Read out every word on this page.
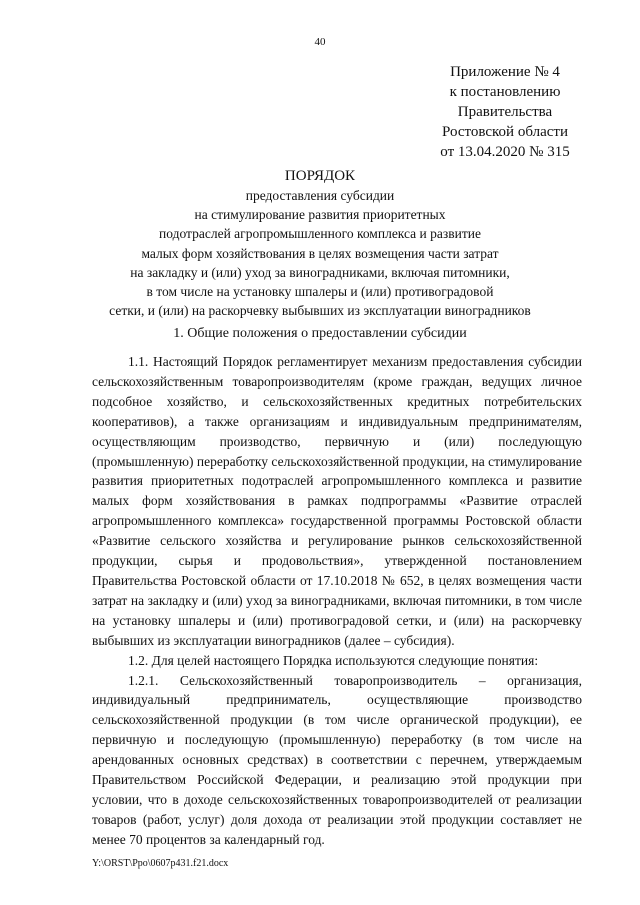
40
Приложение № 4
к постановлению
Правительства
Ростовской области
от 13.04.2020 № 315
ПОРЯДОК
предоставления субсидии
на стимулирование развития приоритетных
подотраслей агропромышленного комплекса и развитие
малых форм хозяйствования в целях возмещения части затрат
на закладку и (или) уход за виноградниками, включая питомники,
в том числе на установку шпалеры и (или) противоградовой
сетки, и (или) на раскорчевку выбывших из эксплуатации виноградников
1. Общие положения о предоставлении субсидии

1.1. Настоящий Порядок регламентирует механизм предоставления субсидии сельскохозяйственным товаропроизводителям (кроме граждан, ведущих личное подсобное хозяйство, и сельскохозяйственных кредитных потребительских кооперативов), а также организациям и индивидуальным предпринимателям, осуществляющим производство, первичную и (или) последующую (промышленную) переработку сельскохозяйственной продукции, на стимулирование развития приоритетных подотраслей агропромышленного комплекса и развитие малых форм хозяйствования в рамках подпрограммы «Развитие отраслей агропромышленного комплекса» государственной программы Ростовской области «Развитие сельского хозяйства и регулирование рынков сельскохозяйственной продукции, сырья и продовольствия», утвержденной постановлением Правительства Ростовской области от 17.10.2018 № 652, в целях возмещения части затрат на закладку и (или) уход за виноградниками, включая питомники, в том числе на установку шпалеры и (или) противоградовой сетки, и (или) на раскорчевку выбывших из эксплуатации виноградников (далее – субсидия).

1.2. Для целей настоящего Порядка используются следующие понятия:

1.2.1. Сельскохозяйственный товаропроизводитель – организация, индивидуальный предприниматель, осуществляющие производство сельскохозяйственной продукции (в том числе органической продукции), ее первичную и последующую (промышленную) переработку (в том числе на арендованных основных средствах) в соответствии с перечнем, утверждаемым Правительством Российской Федерации, и реализацию этой продукции при условии, что в доходе сельскохозяйственных товаропроизводителей от реализации товаров (работ, услуг) доля дохода от реализации этой продукции составляет не менее 70 процентов за календарный год.

Y:\ORST\Ppo\0607p431.f21.docx
